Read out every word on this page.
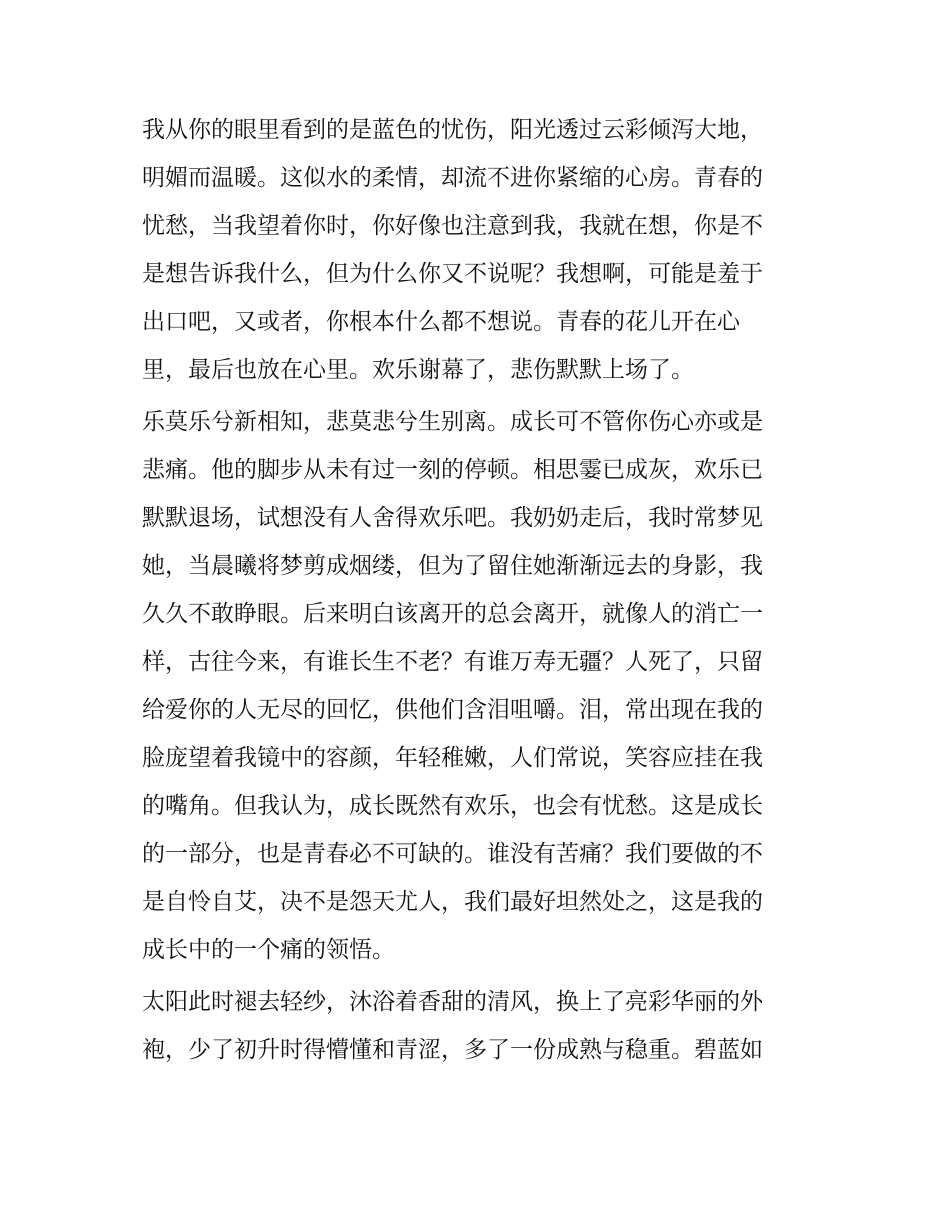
我从你的眼里看到的是蓝色的忧伤，阳光透过云彩倾泻大地，
明媚而温暖。这似水的柔情，却流不进你紧缩的心房。青春的
忧愁，当我望着你时，你好像也注意到我，我就在想，你是不
是想告诉我什么，但为什么你又不说呢？我想啊，可能是羞于
出口吧，又或者，你根本什么都不想说。青春的花儿开在心
里，最后也放在心里。欢乐谢幕了，悲伤默默上场了。
乐莫乐兮新相知，悲莫悲兮生别离。成长可不管你伤心亦或是
悲痛。他的脚步从未有过一刻的停顿。相思霎已成灰，欢乐已
默默退场，试想没有人舍得欢乐吧。我奶奶走后，我时常梦见
她，当晨曦将梦剪成烟缕，但为了留住她渐渐远去的身影，我
久久不敢睁眼。后来明白该离开的总会离开，就像人的消亡一
样，古往今来，有谁长生不老？有谁万寿无疆？人死了，只留
给爱你的人无尽的回忆，供他们含泪咀嚼。泪，常出现在我的
脸庞望着我镜中的容颜，年轻稚嫩，人们常说，笑容应挂在我
的嘴角。但我认为，成长既然有欢乐，也会有忧愁。这是成长
的一部分，也是青春必不可缺的。谁没有苦痛？我们要做的不
是自怜自艾，决不是怨天尤人，我们最好坦然处之，这是我的
成长中的一个痛的领悟。
太阳此时褪去轻纱，沐浴着香甜的清风，换上了亮彩华丽的外
袍，少了初升时得懵懂和青涩，多了一份成熟与稳重。碧蓝如
